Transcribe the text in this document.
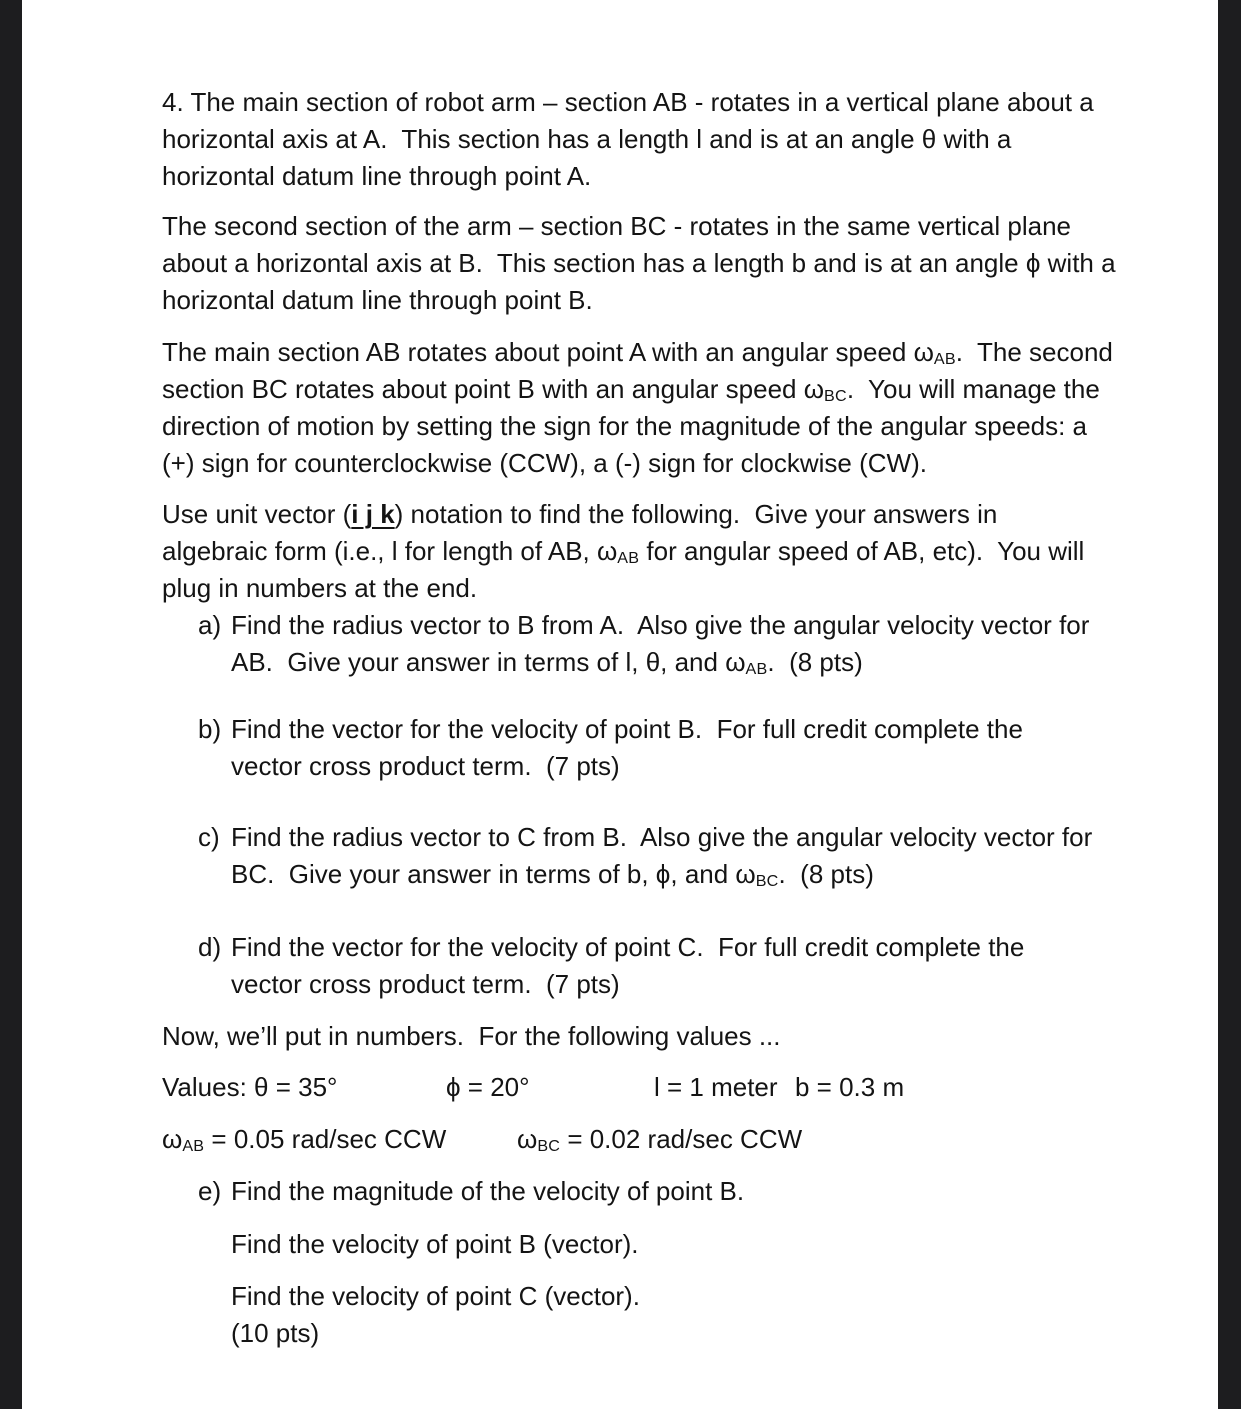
4. The main section of robot arm – section AB - rotates in a vertical plane about a
horizontal axis at A.  This section has a length l and is at an angle θ with a
horizontal datum line through point A.
The second section of the arm – section BC - rotates in the same vertical plane
about a horizontal axis at B.  This section has a length b and is at an angle ϕ with a
horizontal datum line through point B.
The main section AB rotates about point A with an angular speed ωAB.  The second
section BC rotates about point B with an angular speed ωBC.  You will manage the
direction of motion by setting the sign for the magnitude of the angular speeds: a
(+) sign for counterclockwise (CCW), a (-) sign for clockwise (CW).
Use unit vector (i j k) notation to find the following.  Give your answers in
algebraic form (i.e., l for length of AB, ωAB for angular speed of AB, etc).  You will
plug in numbers at the end.
a) Find the radius vector to B from A.  Also give the angular velocity vector for
AB.  Give your answer in terms of l, θ, and ωAB.  (8 pts)
b) Find the vector for the velocity of point B.  For full credit complete the
vector cross product term.  (7 pts)
c) Find the radius vector to C from B.  Also give the angular velocity vector for
BC.  Give your answer in terms of b, ϕ, and ωBC.  (8 pts)
d) Find the vector for the velocity of point C.  For full credit complete the
vector cross product term.  (7 pts)
Now, we’ll put in numbers.  For the following values ...
Values: θ = 35°	ϕ = 20°	l = 1 meter b = 0.3 m
ωAB = 0.05 rad/sec CCW	ωBC = 0.02 rad/sec CCW
e) Find the magnitude of the velocity of point B.
Find the velocity of point B (vector).
Find the velocity of point C (vector).
(10 pts)
